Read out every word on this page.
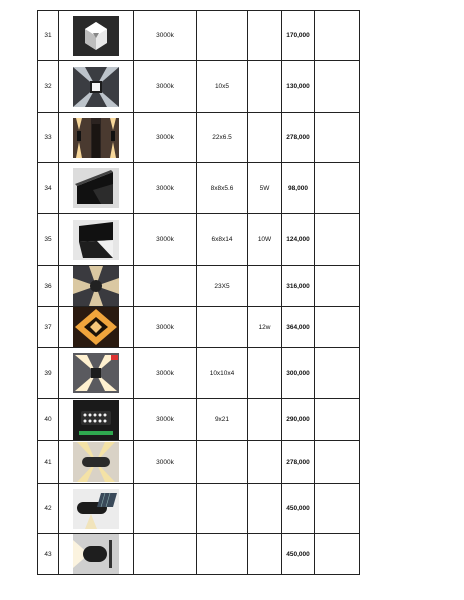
31		3000k			170,000	
32		3000k	10x5		130,000	
33		3000k	22x6.5		278,000	
34		3000k	8x8x5.6	5W	98,000	
35		3000k	6x8x14	10W	124,000	
36			23X5		316,000	
37		3000k		12w	364,000	
39		3000k	10x10x4		300,000	
40		3000k	9x21		290,000	
41		3000k			278,000	
42					450,000	
43					450,000	
